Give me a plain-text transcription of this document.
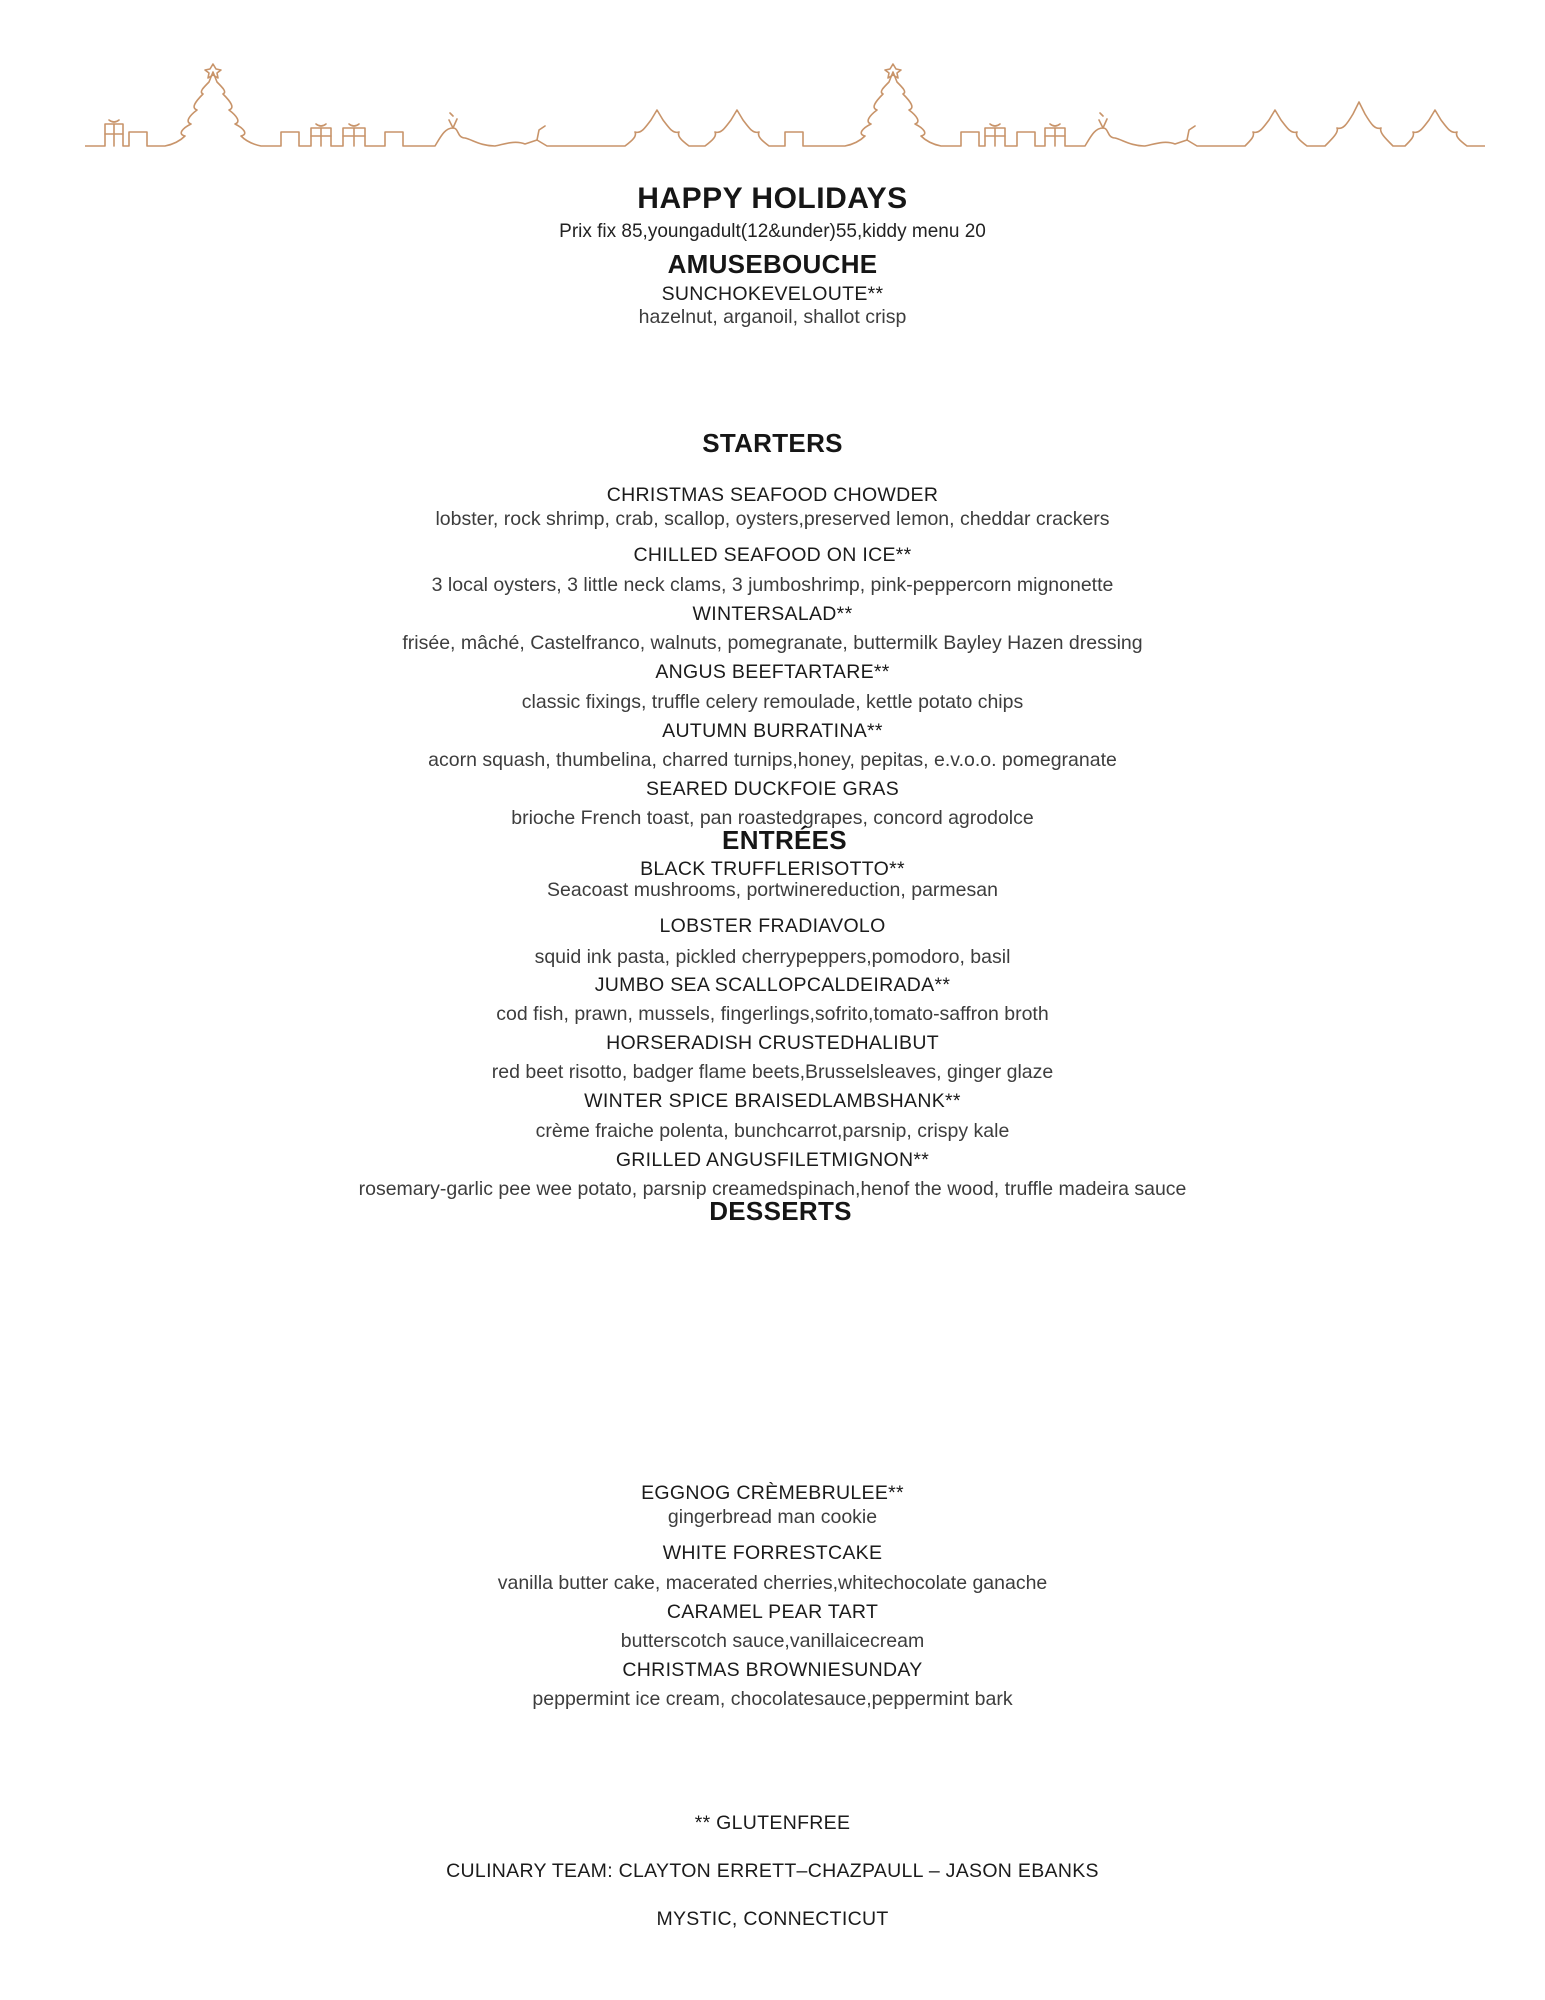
HAPPY HOLIDAYS

Prix fix 85,youngadult(12&under)55,kiddy menu 20

AMUSEBOUCHE

SUNCHOKEVELOUTE**

hazelnut, arganoil, shallot crisp

STARTERS

CHRISTMAS SEAFOOD CHOWDER

lobster, rock shrimp, crab, scallop, oysters,preserved lemon, cheddar crackers

CHILLED SEAFOOD ON ICE**

3 local oysters, 3 little neck clams, 3 jumboshrimp, pink-peppercorn mignonette

WINTERSALAD**

frisée, mâché, Castelfranco, walnuts, pomegranate, buttermilk Bayley Hazen dressing

ANGUS BEEFTARTARE**

classic fixings, truffle celery remoulade, kettle potato chips

AUTUMN BURRATINA**

acorn squash, thumbelina, charred turnips,honey, pepitas, e.v.o.o. pomegranate

SEARED DUCKFOIE GRAS

brioche French toast, pan roastedgrapes, concord agrodolce

ENTRÉES

BLACK TRUFFLERISOTTO**

Seacoast mushrooms, portwinereduction, parmesan

LOBSTER FRADIAVOLO

squid ink pasta, pickled cherrypeppers,pomodoro, basil

JUMBO SEA SCALLOPCALDEIRADA**

cod fish, prawn, mussels, fingerlings,sofrito,tomato-saffron broth

HORSERADISH CRUSTEDHALIBUT

red beet risotto, badger flame beets,Brusselsleaves, ginger glaze

WINTER SPICE BRAISEDLAMBSHANK**

crème fraiche polenta, bunchcarrot,parsnip, crispy kale

GRILLED ANGUSFILETMIGNON**

rosemary-garlic pee wee potato, parsnip creamedspinach,henof the wood, truffle madeira sauce

DESSERTS

EGGNOG CRÈMEBRULEE**

gingerbread man cookie

WHITE FORRESTCAKE

vanilla butter cake, macerated cherries,whitechocolate ganache

CARAMEL PEAR TART

butterscotch sauce,vanillaicecream

CHRISTMAS BROWNIESUNDAY

peppermint ice cream, chocolatesauce,peppermint bark

** GLUTENFREE

CULINARY TEAM: CLAYTON ERRETT–CHAZPAULL – JASON EBANKS

MYSTIC, CONNECTICUT
